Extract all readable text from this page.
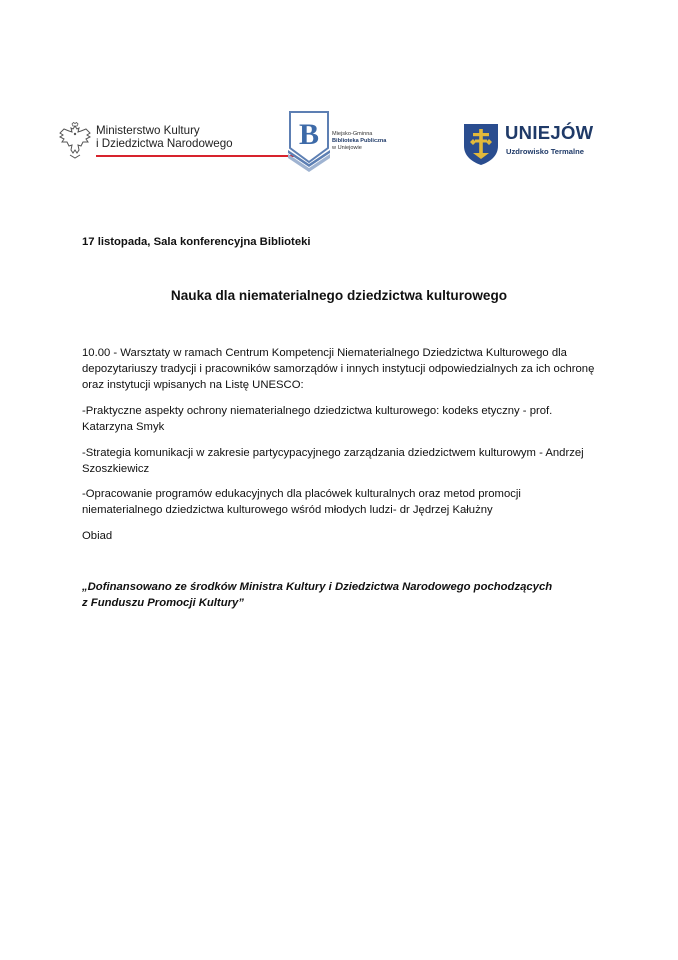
Ministerstwo Kultury
i Dziedzictwa Narodowego B Miejsko-Gminna
Biblioteka Publiczna
w Uniejowie
UNIEJÓW
Uzdrowisko Termalne
17 listopada, Sala konferencyjna Biblioteki
Nauka dla niematerialnego dziedzictwa kulturowego
10.00 - Warsztaty w ramach Centrum Kompetencji Niematerialnego Dziedzictwa Kulturowego dla depozytariuszy tradycji i pracowników samorządów i innych instytucji odpowiedzialnych za ich ochronę oraz instytucji wpisanych na Listę UNESCO:
-Praktyczne aspekty ochrony niematerialnego dziedzictwa kulturowego: kodeks etyczny - prof. Katarzyna Smyk
-Strategia komunikacji w zakresie partycypacyjnego zarządzania dziedzictwem kulturowym - Andrzej Szoszkiewicz
-Opracowanie programów edukacyjnych dla placówek kulturalnych oraz metod promocji niematerialnego dziedzictwa kulturowego wśród młodych ludzi- dr Jędrzej Kałużny
Obiad
„Dofinansowano ze środków Ministra Kultury i Dziedzictwa Narodowego pochodzących
z Funduszu Promocji Kultury”
